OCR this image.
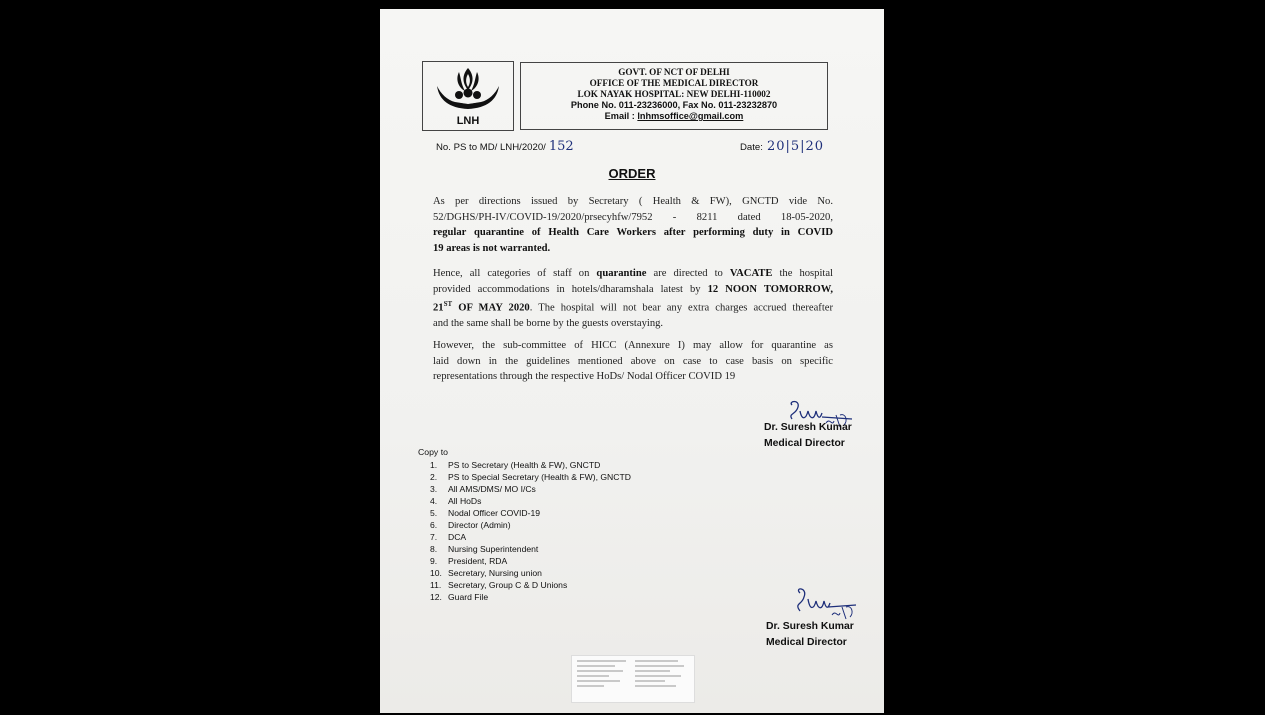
LNH
GOVT. OF NCT OF DELHI
OFFICE OF THE MEDICAL DIRECTOR
LOK NAYAK HOSPITAL: NEW DELHI-110002
Phone No. 011-23236000, Fax No. 011-23232870
Email : lnhmsoffice@gmail.com
No. PS to MD/ LNH/2020/ 152	Date: 20|5|20
ORDER
As per directions issued by Secretary ( Health & FW), GNCTD vide No.
52/DGHS/PH-IV/COVID-19/2020/prsecyhfw/7952 - 8211 dated 18-05-2020,
regular quarantine of Health Care Workers after performing duty in COVID
19 areas is not warranted.
Hence, all categories of staff on quarantine are directed to VACATE the hospital
provided accommodations in hotels/dharamshala latest by 12 NOON TOMORROW,
21ST OF MAY 2020. The hospital will not bear any extra charges accrued thereafter
and the same shall be borne by the guests overstaying.
However, the sub-committee of HICC (Annexure I) may allow for quarantine as
laid down in the guidelines mentioned above on case to case basis on specific
representations through the respective HoDs/ Nodal Officer COVID 19
Dr. Suresh Kumar
Medical Director
Copy to
1. PS to Secretary (Health & FW), GNCTD
2. PS to Special Secretary (Health & FW), GNCTD
3. All AMS/DMS/ MO I/Cs
4. All HoDs
5. Nodal Officer COVID-19
6. Director (Admin)
7. DCA
8. Nursing Superintendent
9. President, RDA
10. Secretary, Nursing union
11. Secretary, Group C & D Unions
12. Guard File
Dr. Suresh Kumar
Medical Director
